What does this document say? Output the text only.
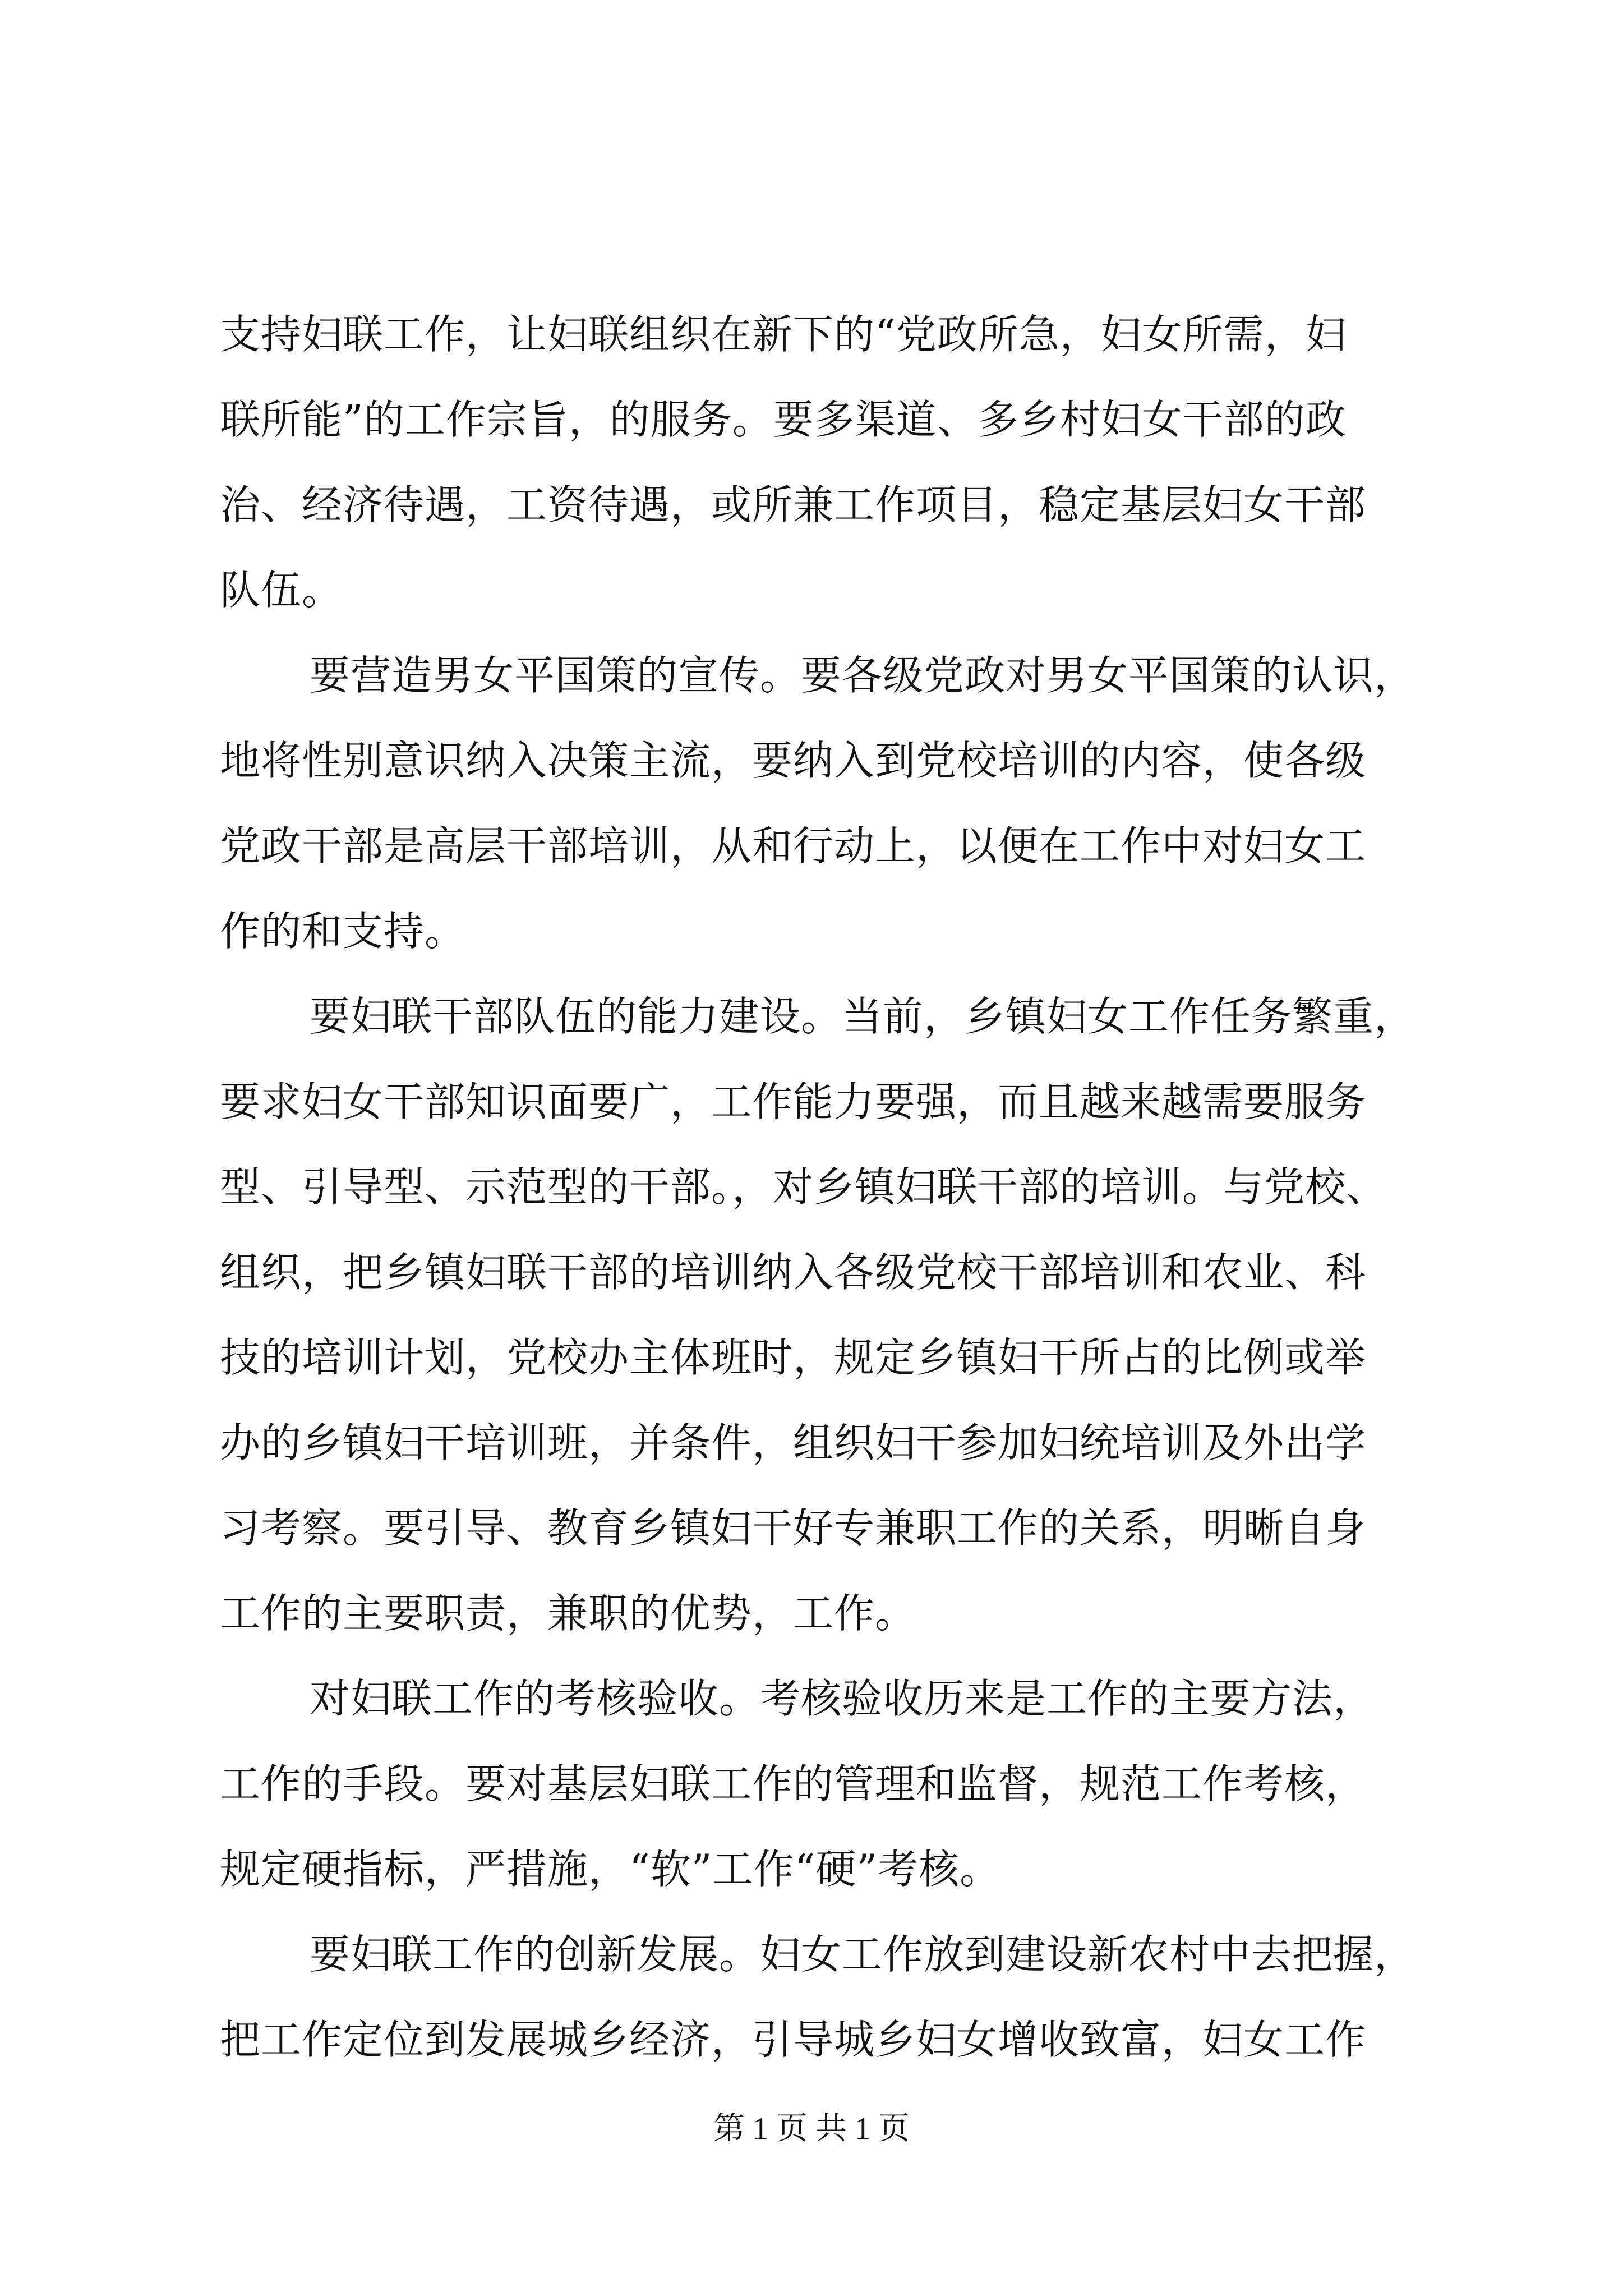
支持妇联工作，让妇联组织在新下的“党政所急，妇女所需，妇
联所能”的工作宗旨，的服务。要多渠道、多乡村妇女干部的政
治、经济待遇，工资待遇，或所兼工作项目，稳定基层妇女干部
队伍。
要营造男女平国策的宣传。要各级党政对男女平国策的认识，
地将性别意识纳入决策主流，要纳入到党校培训的内容，使各级
党政干部是高层干部培训，从和行动上，以便在工作中对妇女工
作的和支持。
要妇联干部队伍的能力建设。当前，乡镇妇女工作任务繁重，
要求妇女干部知识面要广，工作能力要强，而且越来越需要服务
型、引导型、示范型的干部。，对乡镇妇联干部的培训。与党校、
组织，把乡镇妇联干部的培训纳入各级党校干部培训和农业、科
技的培训计划，党校办主体班时，规定乡镇妇干所占的比例或举
办的乡镇妇干培训班，并条件，组织妇干参加妇统培训及外出学
习考察。要引导、教育乡镇妇干好专兼职工作的关系，明晰自身
工作的主要职责，兼职的优势，工作。
对妇联工作的考核验收。考核验收历来是工作的主要方法，
工作的手段。要对基层妇联工作的管理和监督，规范工作考核，
规定硬指标，严措施，“软”工作“硬”考核。
要妇联工作的创新发展。妇女工作放到建设新农村中去把握，
把工作定位到发展城乡经济，引导城乡妇女增收致富，妇女工作
第 1 页 共 1 页
